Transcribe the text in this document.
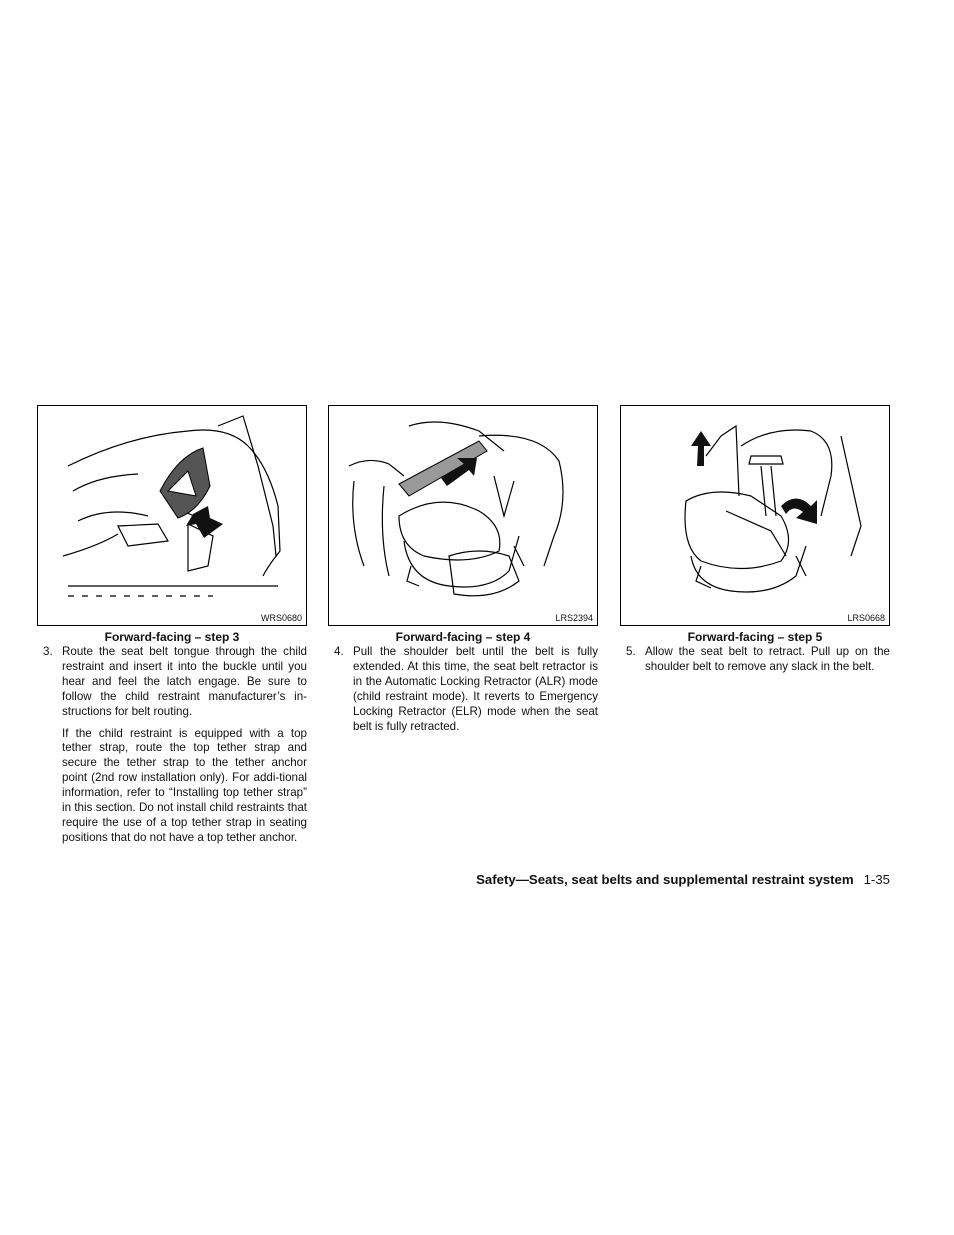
WRS0680
Forward-facing – step 3

3. Route the seat belt tongue through the child restraint and insert it into the buckle until you hear and feel the latch engage. Be sure to follow the child restraint manufacturer’s in-structions for belt routing.

If the child restraint is equipped with a top tether strap, route the top tether strap and secure the tether strap to the tether anchor point (2nd row installation only). For addi-tional information, refer to “Installing top tether strap” in this section. Do not install child restraints that require the use of a top tether strap in seating positions that do not have a top tether anchor.

LRS2394
Forward-facing – step 4

4. Pull the shoulder belt until the belt is fully extended. At this time, the seat belt retractor is in the Automatic Locking Retractor (ALR) mode (child restraint mode). It reverts to Emergency Locking Retractor (ELR) mode when the seat belt is fully retracted.

LRS0668
Forward-facing – step 5

5. Allow the seat belt to retract. Pull up on the shoulder belt to remove any slack in the belt.

Safety—Seats, seat belts and supplemental restraint system 1-35
